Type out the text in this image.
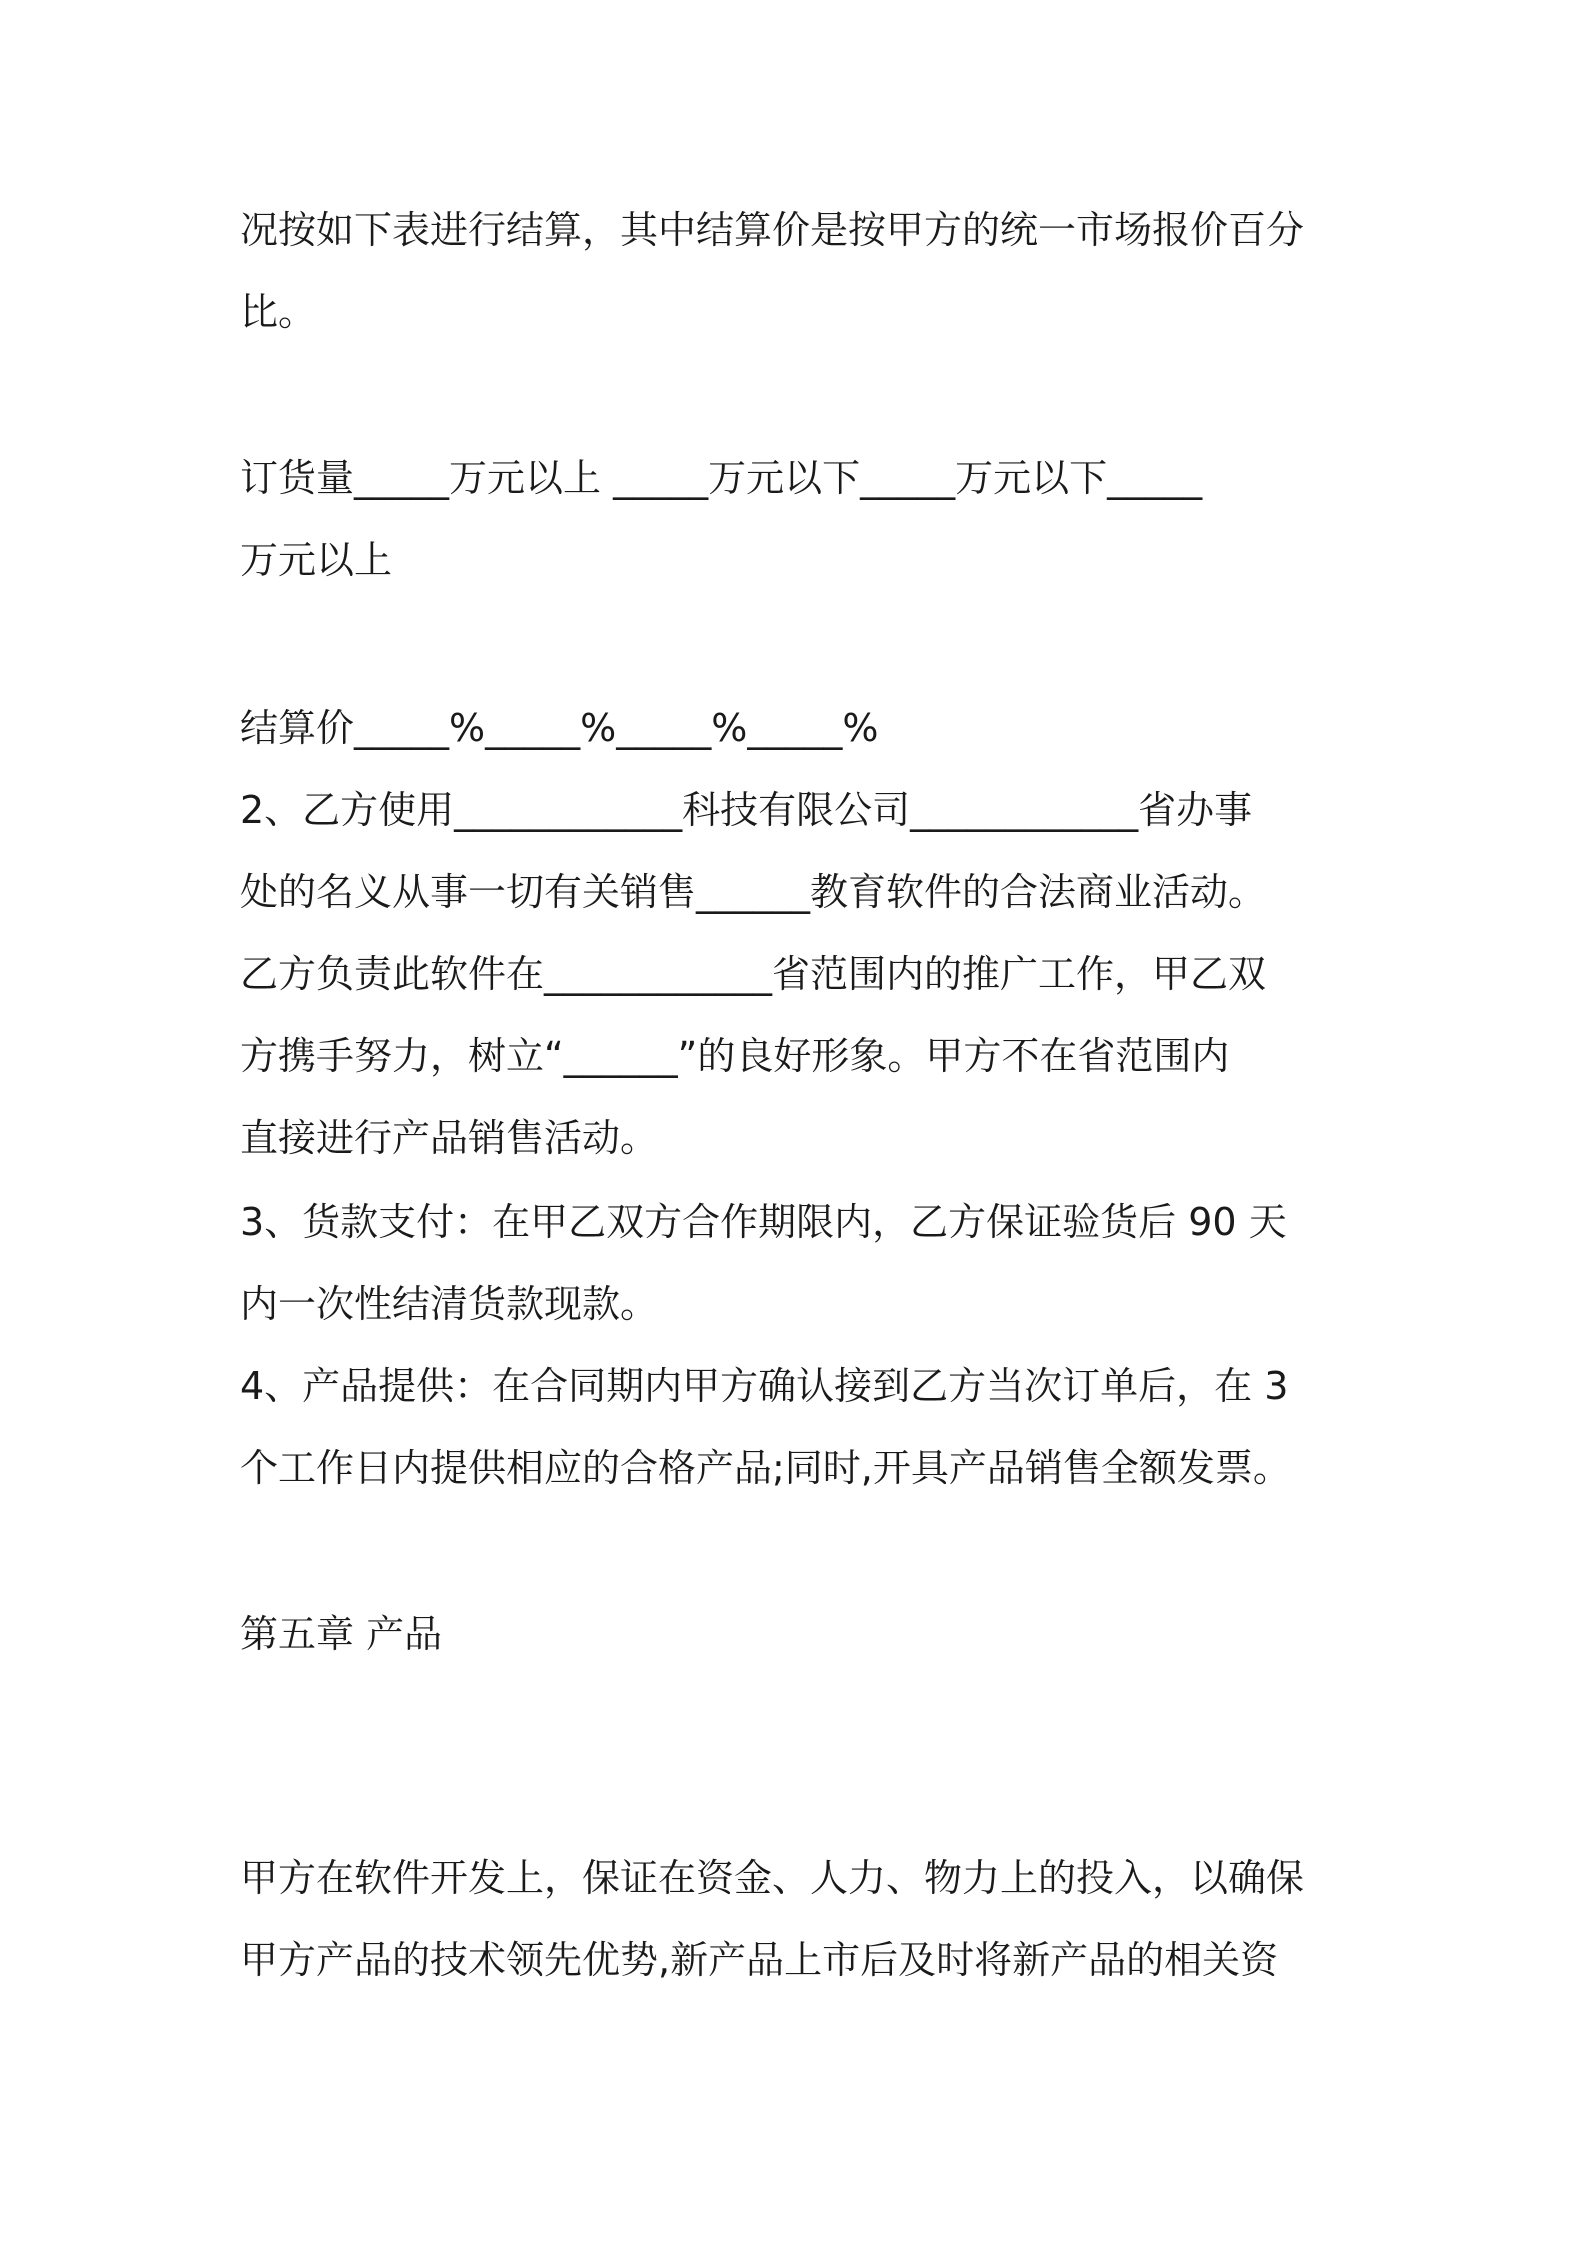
况按如下表进行结算，其中结算价是按甲方的统一市场报价百分
比。
订货量_____万元以上 _____万元以下_____万元以下_____
万元以上
结算价_____%_____%_____%_____%
2、乙方使用____________科技有限公司____________省办事
处的名义从事一切有关销售______教育软件的合法商业活动。
乙方负责此软件在____________省范围内的推广工作，甲乙双
方携手努力，树立“______”的良好形象。甲方不在省范围内
直接进行产品销售活动。
3、货款支付：在甲乙双方合作期限内，乙方保证验货后 90 天
内一次性结清货款现款。
4、产品提供：在合同期内甲方确认接到乙方当次订单后，在 3
个工作日内提供相应的合格产品;同时,开具产品销售全额发票。
第五章 产品
甲方在软件开发上，保证在资金、人力、物力上的投入，以确保
甲方产品的技术领先优势,新产品上市后及时将新产品的相关资
